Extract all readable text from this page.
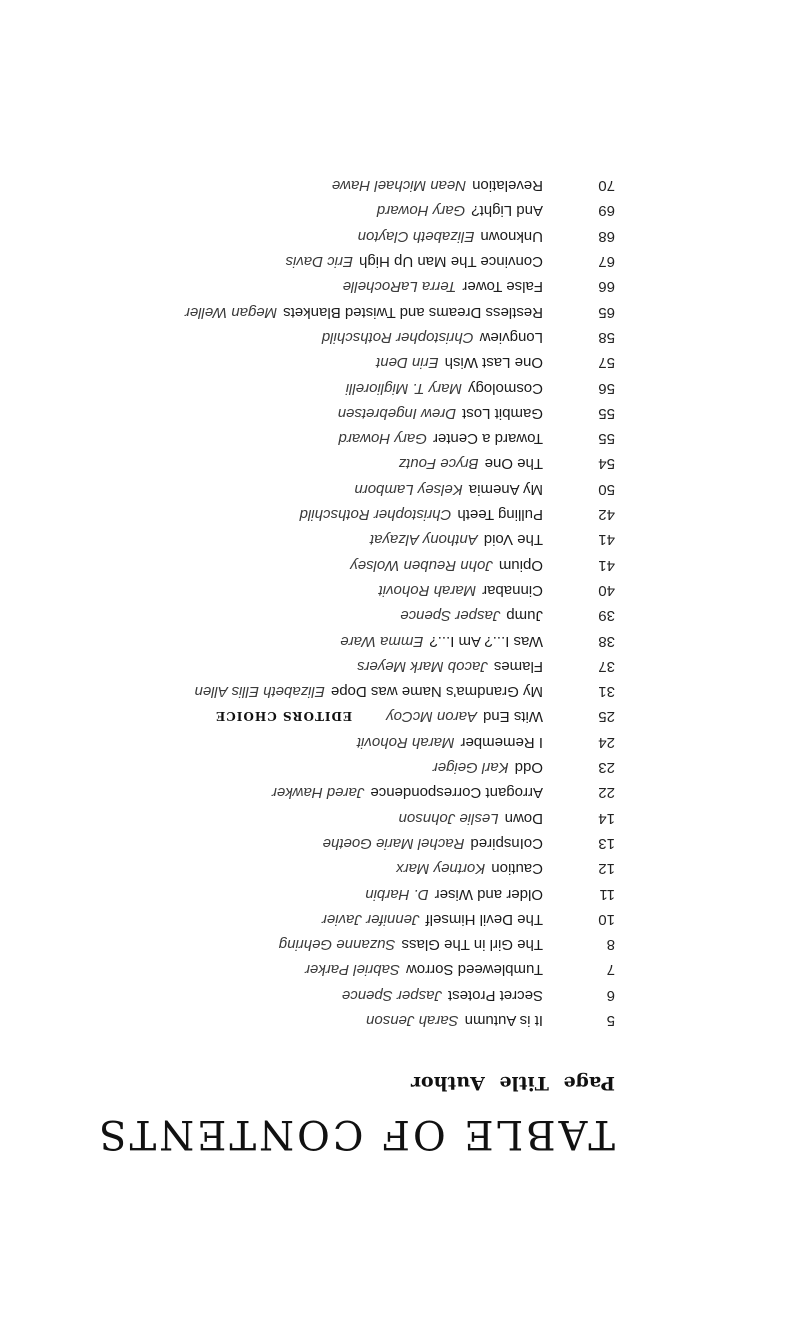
TABLE OF CONTENTS
Page Title Author
5
It is Autumn
Sarah Jenson
6
Secret Protest
Jasper Spence
7
Tumbleweed Sorrow
Sabriel Parker
8
The Girl in The Glass
Suzanne Gehring
10
The Devil Himself
Jennifer Javier
11
Older and Wiser
D. Harbin
12
Caution
Kortney Marx
13
CoInspired
Rachel Marie Goethe
14
Down
Leslie Johnson
22
Arrogant Correspondence
Jared Hawker
23
Odd
Karl Geiger
24
I Remember
Marah Rohovit
25
Wits End
Aaron McCoy
EDITORS CHOICE
31
My Grandma's Name was Dope
Elizabeth Ellis Allen
37
Flames
Jacob Mark Meyers
38
Was I...? Am I...?
Emma Ware
39
Jump
Jasper Spence
40
Cinnabar
Marah Rohovit
41
Opium
John Reuben Wolsey
41
The Void
Anthony Alzayat
42
Pulling Teeth
Christopher Rothschild
50
My Anemia
Kelsey Lamborn
54
The One
Bryce Foutz
55
Toward a Center
Gary Howard
55
Gambit Lost
Drew Ingebretsen
56
Cosmology
Mary T. Migliorelli
57
One Last Wish
Erin Dent
58
Longview
Christopher Rothschild
65
Restless Dreams and Twisted Blankets
Megan Weller
66
False Tower
Terra LaRochelle
67
Convince The Man Up High
Eric Davis
68
Unknown
Elizabeth Clayton
69
And Light?
Gary Howard
70
Revelation
Nean Michael Hawe
